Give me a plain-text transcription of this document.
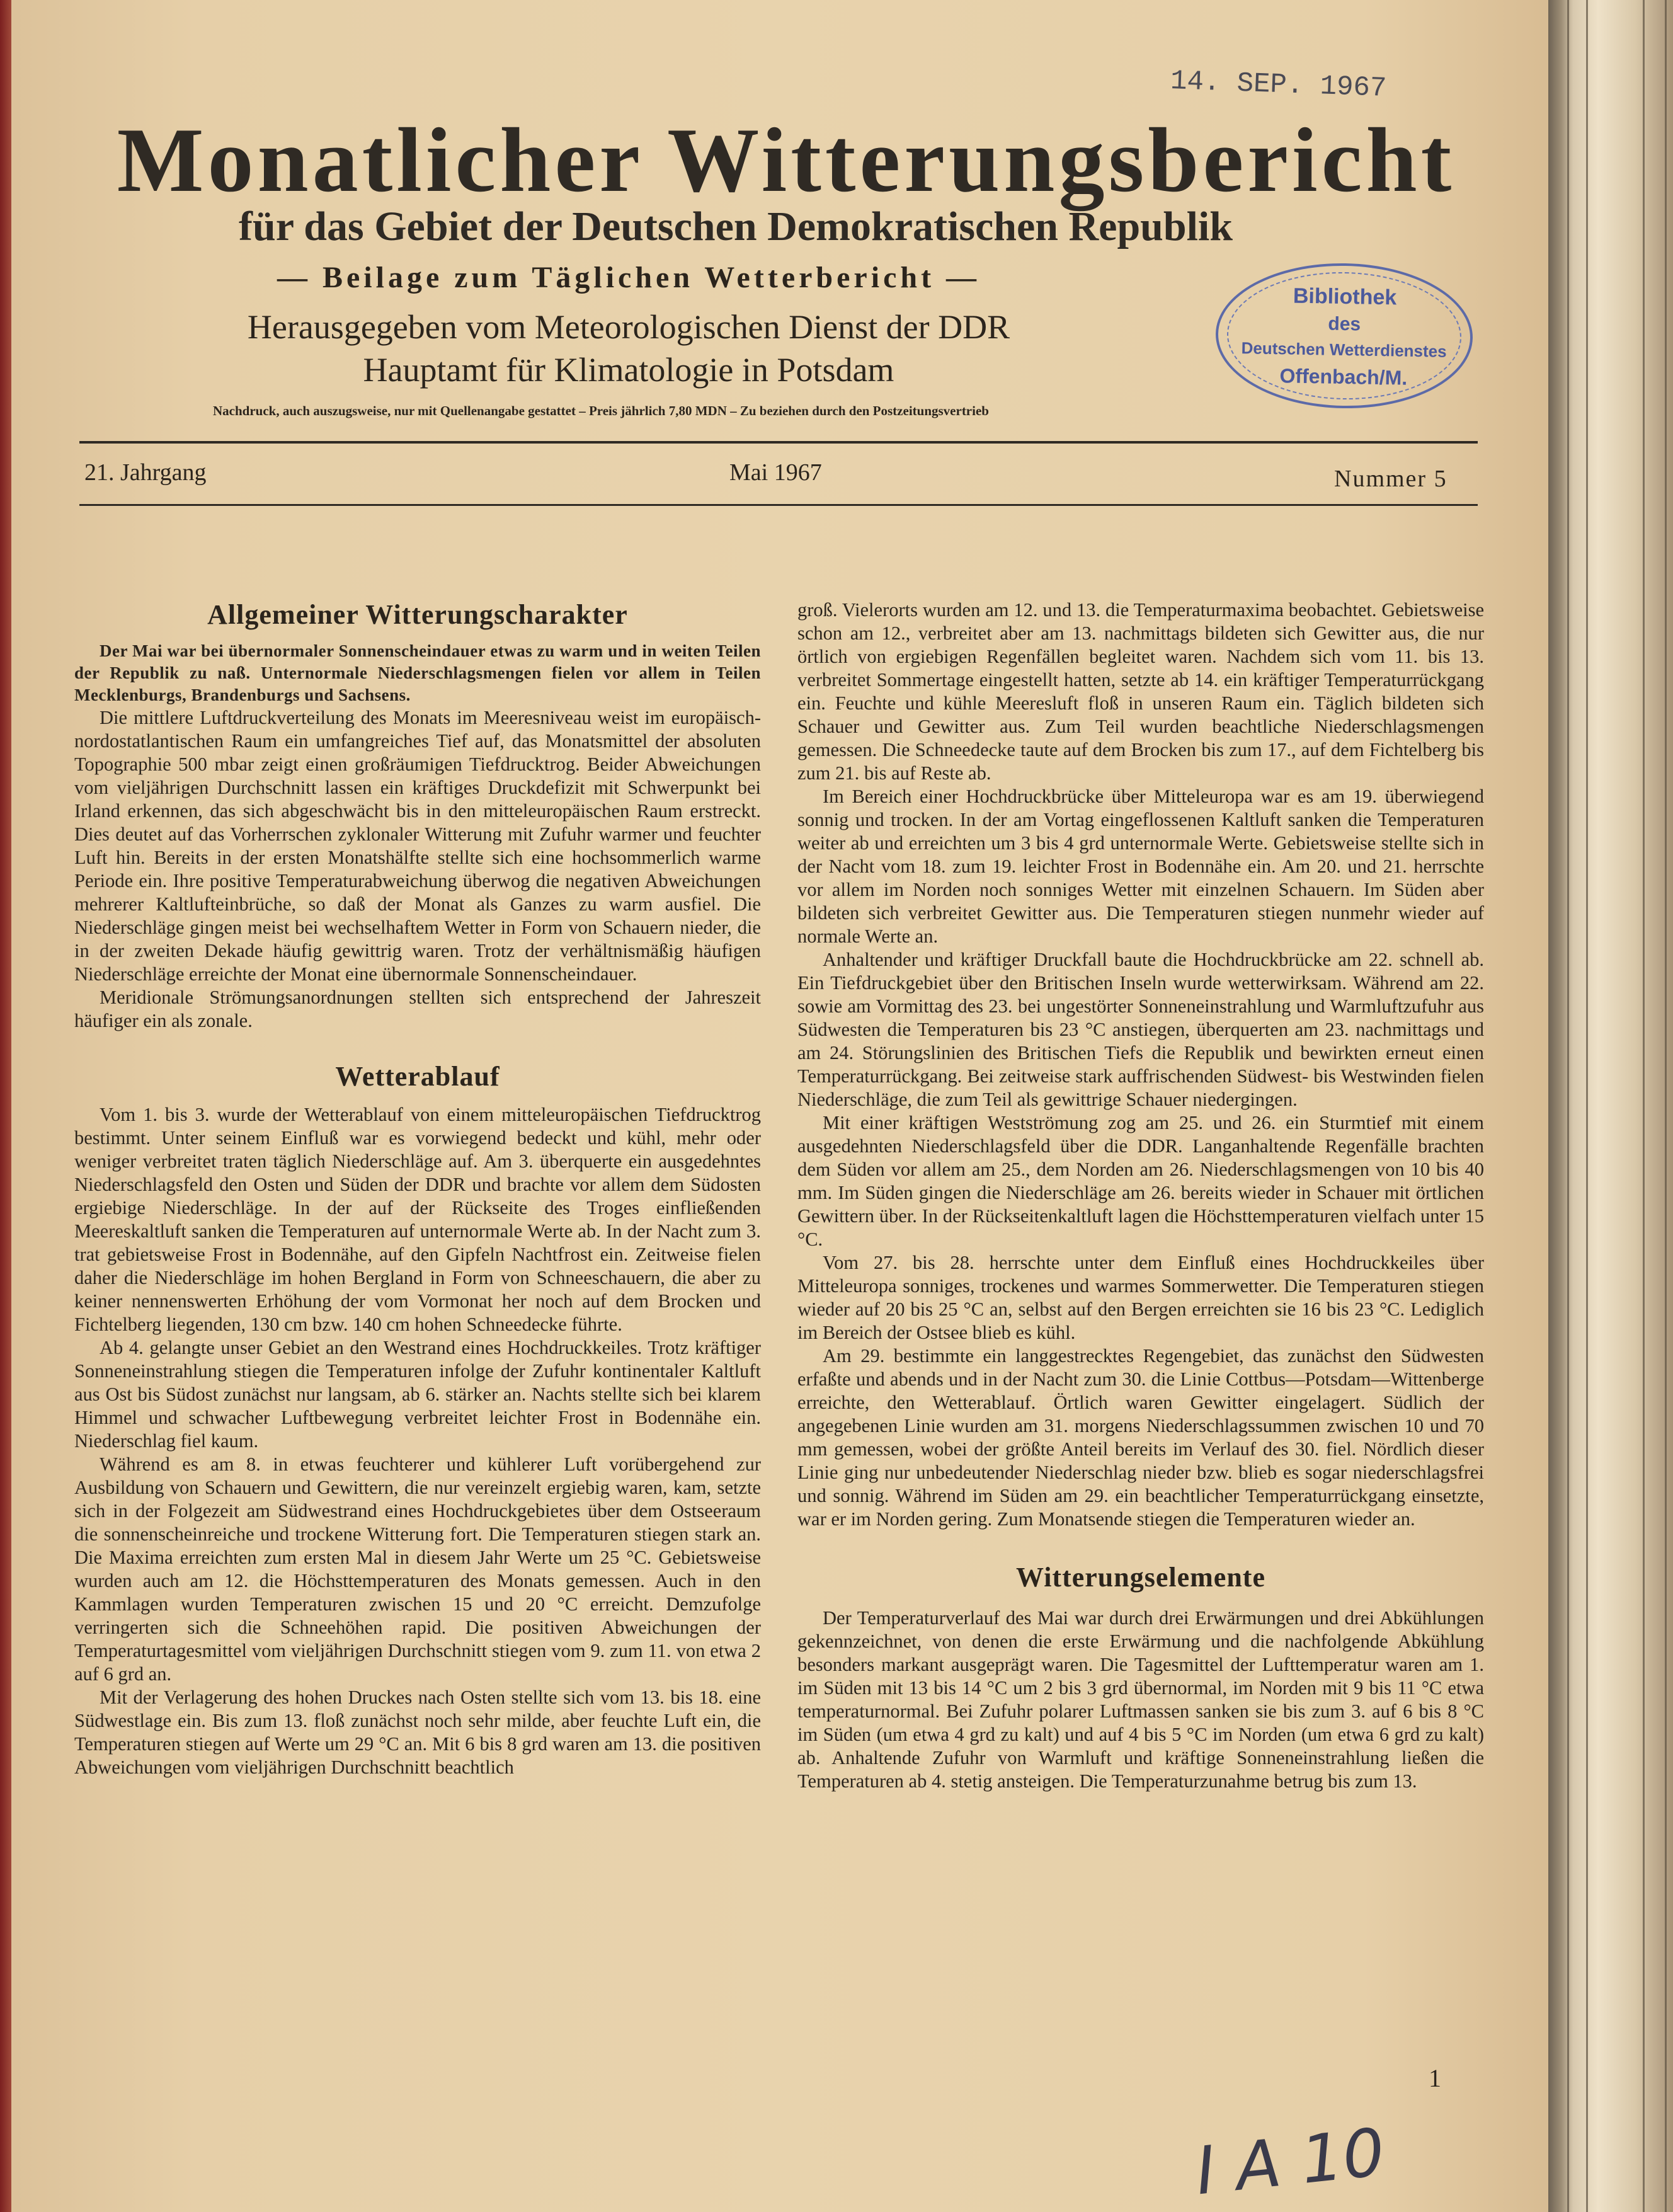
14. SEP. 1967
Monatlicher Witterungsbericht
für das Gebiet der Deutschen Demokratischen Republik
— Beilage zum Täglichen Wetterbericht —
Herausgegeben vom Meteorologischen Dienst der DDR
Hauptamt für Klimatologie in Potsdam
Nachdruck, auch auszugsweise, nur mit Quellenangabe gestattet – Preis jährlich 7,80 MDN – Zu beziehen durch den Postzeitungsvertrieb
Bibliothek
des
Deutschen Wetterdienstes
Offenbach/M.
21. Jahrgang	Mai 1967	Nummer 5
Allgemeiner Witterungscharakter

Der Mai war bei übernormaler Sonnenscheindauer etwas zu warm und in weiten Teilen der Republik zu naß. Unternormale Niederschlagsmengen fielen vor allem in Teilen Mecklenburgs, Brandenburgs und Sachsens.

Die mittlere Luftdruckverteilung des Monats im Meeresniveau weist im europäisch-nordostatlantischen Raum ein umfangreiches Tief auf, das Monatsmittel der absoluten Topographie 500 mbar zeigt einen großräumigen Tiefdrucktrog. Beider Abweichungen vom vieljährigen Durchschnitt lassen ein kräftiges Druckdefizit mit Schwerpunkt bei Irland erkennen, das sich abgeschwächt bis in den mitteleuropäischen Raum erstreckt. Dies deutet auf das Vorherrschen zyklonaler Witterung mit Zufuhr warmer und feuchter Luft hin. Bereits in der ersten Monatshälfte stellte sich eine hochsommerlich warme Periode ein. Ihre positive Temperaturabweichung überwog die negativen Abweichungen mehrerer Kaltlufteinbrüche, so daß der Monat als Ganzes zu warm ausfiel. Die Niederschläge gingen meist bei wechselhaftem Wetter in Form von Schauern nieder, die in der zweiten Dekade häufig gewittrig waren. Trotz der verhältnismäßig häufigen Niederschläge erreichte der Monat eine übernormale Sonnenscheindauer.

Meridionale Strömungsanordnungen stellten sich entsprechend der Jahreszeit häufiger ein als zonale.

Wetterablauf

Vom 1. bis 3. wurde der Wetterablauf von einem mitteleuropäischen Tiefdrucktrog bestimmt. Unter seinem Einfluß war es vorwiegend bedeckt und kühl, mehr oder weniger verbreitet traten täglich Niederschläge auf. Am 3. überquerte ein ausgedehntes Niederschlagsfeld den Osten und Süden der DDR und brachte vor allem dem Südosten ergiebige Niederschläge. In der auf der Rückseite des Troges einfließenden Meereskaltluft sanken die Temperaturen auf unternormale Werte ab. In der Nacht zum 3. trat gebietsweise Frost in Bodennähe, auf den Gipfeln Nachtfrost ein. Zeitweise fielen daher die Niederschläge im hohen Bergland in Form von Schneeschauern, die aber zu keiner nennenswerten Erhöhung der vom Vormonat her noch auf dem Brocken und Fichtelberg liegenden, 130 cm bzw. 140 cm hohen Schneedecke führte.

Ab 4. gelangte unser Gebiet an den Westrand eines Hochdruckkeiles. Trotz kräftiger Sonneneinstrahlung stiegen die Temperaturen infolge der Zufuhr kontinentaler Kaltluft aus Ost bis Südost zunächst nur langsam, ab 6. stärker an. Nachts stellte sich bei klarem Himmel und schwacher Luftbewegung verbreitet leichter Frost in Bodennähe ein. Niederschlag fiel kaum.

Während es am 8. in etwas feuchterer und kühlerer Luft vorübergehend zur Ausbildung von Schauern und Gewittern, die nur vereinzelt ergiebig waren, kam, setzte sich in der Folgezeit am Südwestrand eines Hochdruckgebietes über dem Ostseeraum die sonnenscheinreiche und trockene Witterung fort. Die Temperaturen stiegen stark an. Die Maxima erreichten zum ersten Mal in diesem Jahr Werte um 25 °C. Gebietsweise wurden auch am 12. die Höchsttemperaturen des Monats gemessen. Auch in den Kammlagen wurden Temperaturen zwischen 15 und 20 °C erreicht. Demzufolge verringerten sich die Schneehöhen rapid. Die positiven Abweichungen der Temperaturtagesmittel vom vieljährigen Durchschnitt stiegen vom 9. zum 11. von etwa 2 auf 6 grd an.

Mit der Verlagerung des hohen Druckes nach Osten stellte sich vom 13. bis 18. eine Südwestlage ein. Bis zum 13. floß zunächst noch sehr milde, aber feuchte Luft ein, die Temperaturen stiegen auf Werte um 29 °C an. Mit 6 bis 8 grd waren am 13. die positiven Abweichungen vom vieljährigen Durchschnitt beachtlich

groß. Vielerorts wurden am 12. und 13. die Temperaturmaxima beobachtet. Gebietsweise schon am 12., verbreitet aber am 13. nachmittags bildeten sich Gewitter aus, die nur örtlich von ergiebigen Regenfällen begleitet waren. Nachdem sich vom 11. bis 13. verbreitet Sommertage eingestellt hatten, setzte ab 14. ein kräftiger Temperaturrückgang ein. Feuchte und kühle Meeresluft floß in unseren Raum ein. Täglich bildeten sich Schauer und Gewitter aus. Zum Teil wurden beachtliche Niederschlagsmengen gemessen. Die Schneedecke taute auf dem Brocken bis zum 17., auf dem Fichtelberg bis zum 21. bis auf Reste ab.

Im Bereich einer Hochdruckbrücke über Mitteleuropa war es am 19. überwiegend sonnig und trocken. In der am Vortag eingeflossenen Kaltluft sanken die Temperaturen weiter ab und erreichten um 3 bis 4 grd unternormale Werte. Gebietsweise stellte sich in der Nacht vom 18. zum 19. leichter Frost in Bodennähe ein. Am 20. und 21. herrschte vor allem im Norden noch sonniges Wetter mit einzelnen Schauern. Im Süden aber bildeten sich verbreitet Gewitter aus. Die Temperaturen stiegen nunmehr wieder auf normale Werte an.

Anhaltender und kräftiger Druckfall baute die Hochdruckbrücke am 22. schnell ab. Ein Tiefdruckgebiet über den Britischen Inseln wurde wetterwirksam. Während am 22. sowie am Vormittag des 23. bei ungestörter Sonneneinstrahlung und Warmluftzufuhr aus Südwesten die Temperaturen bis 23 °C anstiegen, überquerten am 23. nachmittags und am 24. Störungslinien des Britischen Tiefs die Republik und bewirkten erneut einen Temperaturrückgang. Bei zeitweise stark auffrischenden Südwest- bis Westwinden fielen Niederschläge, die zum Teil als gewittrige Schauer niedergingen.

Mit einer kräftigen Westströmung zog am 25. und 26. ein Sturmtief mit einem ausgedehnten Niederschlagsfeld über die DDR. Langanhaltende Regenfälle brachten dem Süden vor allem am 25., dem Norden am 26. Niederschlagsmengen von 10 bis 40 mm. Im Süden gingen die Niederschläge am 26. bereits wieder in Schauer mit örtlichen Gewittern über. In der Rückseitenkaltluft lagen die Höchsttemperaturen vielfach unter 15 °C.

Vom 27. bis 28. herrschte unter dem Einfluß eines Hochdruckkeiles über Mitteleuropa sonniges, trockenes und warmes Sommerwetter. Die Temperaturen stiegen wieder auf 20 bis 25 °C an, selbst auf den Bergen erreichten sie 16 bis 23 °C. Lediglich im Bereich der Ostsee blieb es kühl.

Am 29. bestimmte ein langgestrecktes Regengebiet, das zunächst den Südwesten erfaßte und abends und in der Nacht zum 30. die Linie Cottbus—Potsdam—Wittenberge erreichte, den Wetterablauf. Örtlich waren Gewitter eingelagert. Südlich der angegebenen Linie wurden am 31. morgens Niederschlagssummen zwischen 10 und 70 mm gemessen, wobei der größte Anteil bereits im Verlauf des 30. fiel. Nördlich dieser Linie ging nur unbedeutender Niederschlag nieder bzw. blieb es sogar niederschlagsfrei und sonnig. Während im Süden am 29. ein beachtlicher Temperaturrückgang einsetzte, war er im Norden gering. Zum Monatsende stiegen die Temperaturen wieder an.

Witterungselemente

Der Temperaturverlauf des Mai war durch drei Erwärmungen und drei Abkühlungen gekennzeichnet, von denen die erste Erwärmung und die nachfolgende Abkühlung besonders markant ausgeprägt waren. Die Tagesmittel der Lufttemperatur waren am 1. im Süden mit 13 bis 14 °C um 2 bis 3 grd übernormal, im Norden mit 9 bis 11 °C etwa temperaturnormal. Bei Zufuhr polarer Luftmassen sanken sie bis zum 3. auf 6 bis 8 °C im Süden (um etwa 4 grd zu kalt) und auf 4 bis 5 °C im Norden (um etwa 6 grd zu kalt) ab. Anhaltende Zufuhr von Warmluft und kräftige Sonneneinstrahlung ließen die Temperaturen ab 4. stetig ansteigen. Die Temperaturzunahme betrug bis zum 13.

1
I A 10
